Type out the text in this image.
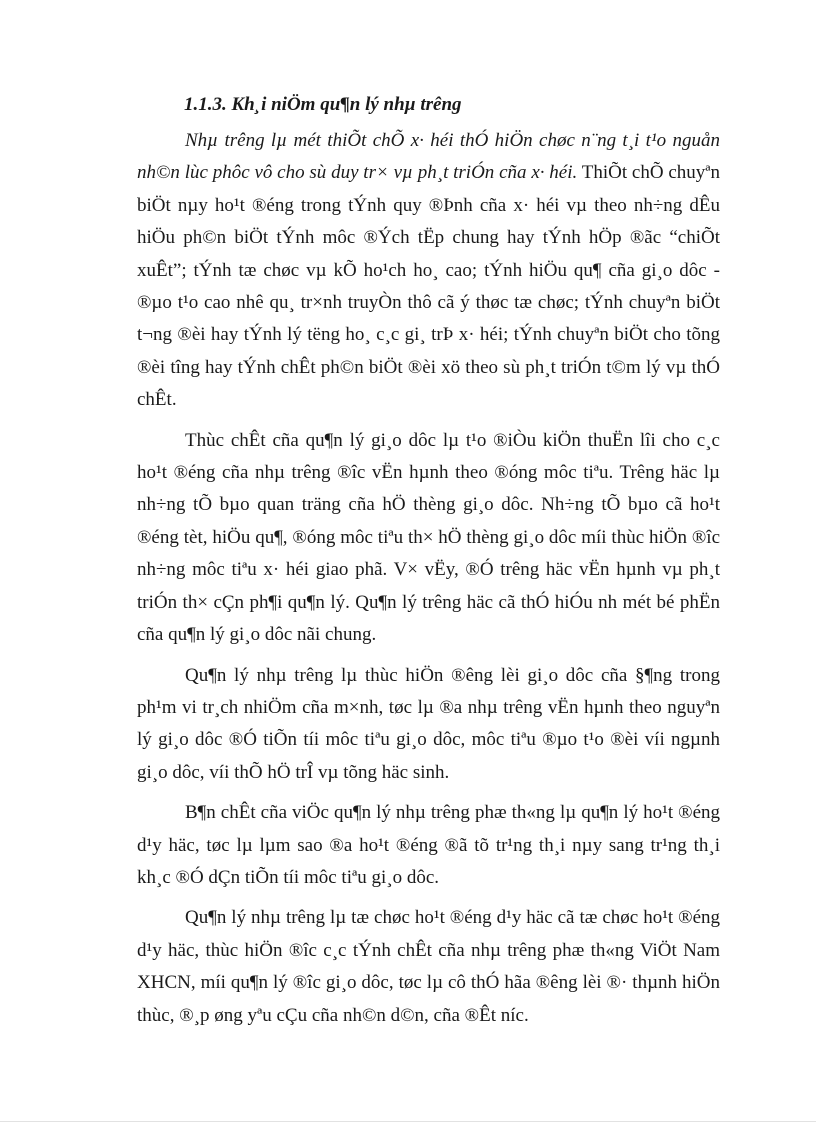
1.1.3. Kh¸i niÖm qu¶n lý nhµ trêng

Nhµ trêng lµ mét thiÕt chÕ x· héi thÓ hiÖn chøc n¨ng t¸i t¹o nguån nh©n lùc phôc vô cho sù duy tr× vµ ph¸t triÓn cña x· héi. ThiÕt chÕ chuyªn biÖt nµy ho¹t ®éng trong tÝnh quy ®Þnh cña x· héi vµ theo nh÷ng dÊu hiÖu ph©n biÖt tÝnh môc ®Ých tËp chung hay tÝnh hÖp ®ãc “chiÕt xuÊt”; tÝnh tæ chøc vµ kÕ ho¹ch ho¸ cao; tÝnh hiÖu qu¶ cña gi¸o dôc - ®µo t¹o cao nhê qu¸ tr×nh truyÒn thô cã ý thøc tæ chøc; tÝnh chuyªn biÖt t¬ng ®èi hay tÝnh lý tëng ho¸ c¸c gi¸ trÞ x· héi; tÝnh chuyªn biÖt cho tõng ®èi tîng hay tÝnh chÊt ph©n biÖt ®èi xö theo sù ph¸t triÓn t©m lý vµ thÓ chÊt.

Thùc chÊt cña qu¶n lý gi¸o dôc lµ t¹o ®iÒu kiÖn thuËn lîi cho c¸c ho¹t ®éng cña nhµ trêng ®îc vËn hµnh theo ®óng môc tiªu. Trêng häc lµ nh÷ng tÕ bµo quan träng cña hÖ thèng gi¸o dôc. Nh÷ng tÕ bµo cã ho¹t ®éng tèt, hiÖu qu¶, ®óng môc tiªu th× hÖ thèng gi¸o dôc míi thùc hiÖn ®îc nh÷ng môc tiªu x· héi giao phã. V× vËy, ®Ó trêng häc vËn hµnh vµ ph¸t triÓn th× cÇn ph¶i qu¶n lý. Qu¶n lý trêng häc cã thÓ hiÓu nh mét bé phËn cña qu¶n lý gi¸o dôc nãi chung.

Qu¶n lý nhµ trêng lµ thùc hiÖn ®êng lèi gi¸o dôc cña §¶ng trong ph¹m vi tr¸ch nhiÖm cña m×nh, tøc lµ ®a nhµ trêng vËn hµnh theo nguyªn lý gi¸o dôc ®Ó tiÕn tíi môc tiªu gi¸o dôc, môc tiªu ®µo t¹o ®èi víi ngµnh gi¸o dôc, víi thÕ hÖ trÎ vµ tõng häc sinh.

B¶n chÊt cña viÖc qu¶n lý nhµ trêng phæ th«ng lµ qu¶n lý ho¹t ®éng d¹y häc, tøc lµ lµm sao ®a ho¹t ®éng ®ã tõ tr¹ng th¸i nµy sang tr¹ng th¸i kh¸c ®Ó dÇn tiÕn tíi môc tiªu gi¸o dôc.

Qu¶n lý nhµ trêng lµ tæ chøc ho¹t ®éng d¹y häc cã tæ chøc ho¹t ®éng d¹y häc, thùc hiÖn ®îc c¸c tÝnh chÊt cña nhµ trêng phæ th«ng ViÖt Nam XHCN, míi qu¶n lý ®îc gi¸o dôc, tøc lµ cô thÓ hãa ®êng lèi ®· thµnh hiÖn thùc, ®¸p øng yªu cÇu cña nh©n d©n, cña ®Êt níc.
